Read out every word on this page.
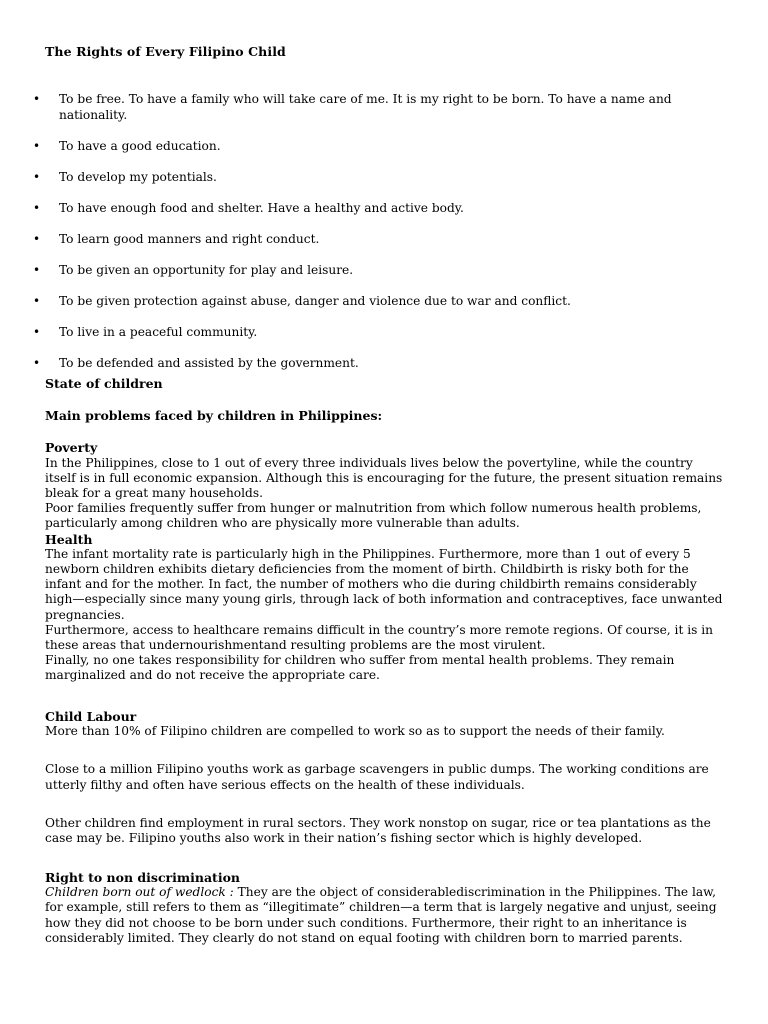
The Rights of Every Filipino Child
• To be free. To have a family who will take care of me. It is my right to be born. To have a name and nationality.
• To have a good education.
• To develop my potentials.
• To have enough food and shelter. Have a healthy and active body.
• To learn good manners and right conduct.
• To be given an opportunity for play and leisure.
• To be given protection against abuse, danger and violence due to war and conflict.
• To live in a peaceful community.
• To be defended and assisted by the government.
State of children
Main problems faced by children in Philippines:
Poverty

In the Philippines, close to 1 out of every three individuals lives below the povertyline, while the country itself is in full economic expansion. Although this is encouraging for the future, the present situation remains bleak for a great many households.

Poor families frequently suffer from hunger or malnutrition from which follow numerous health problems, particularly among children who are physically more vulnerable than adults.

Health

The infant mortality rate is particularly high in the Philippines. Furthermore, more than 1 out of every 5 newborn children exhibits dietary deficiencies from the moment of birth. Childbirth is risky both for the infant and for the mother. In fact, the number of mothers who die during childbirth remains considerably high—especially since many young girls, through lack of both information and contraceptives, face unwanted pregnancies.

Furthermore, access to healthcare remains difficult in the country’s more remote regions. Of course, it is in these areas that undernourishmentand resulting problems are the most virulent.

Finally, no one takes responsibility for children who suffer from mental health problems. They remain marginalized and do not receive the appropriate care.

Child Labour

More than 10% of Filipino children are compelled to work so as to support the needs of their family.

Close to a million Filipino youths work as garbage scavengers in public dumps. The working conditions are utterly filthy and often have serious effects on the health of these individuals.

Other children find employment in rural sectors. They work nonstop on sugar, rice or tea plantations as the case may be. Filipino youths also work in their nation’s fishing sector which is highly developed.

Right to non discrimination

Children born out of wedlock : They are the object of considerablediscrimination in the Philippines. The law, for example, still refers to them as “illegitimate” children—a term that is largely negative and unjust, seeing how they did not choose to be born under such conditions. Furthermore, their right to an inheritance is considerably limited. They clearly do not stand on equal footing with children born to married parents.
